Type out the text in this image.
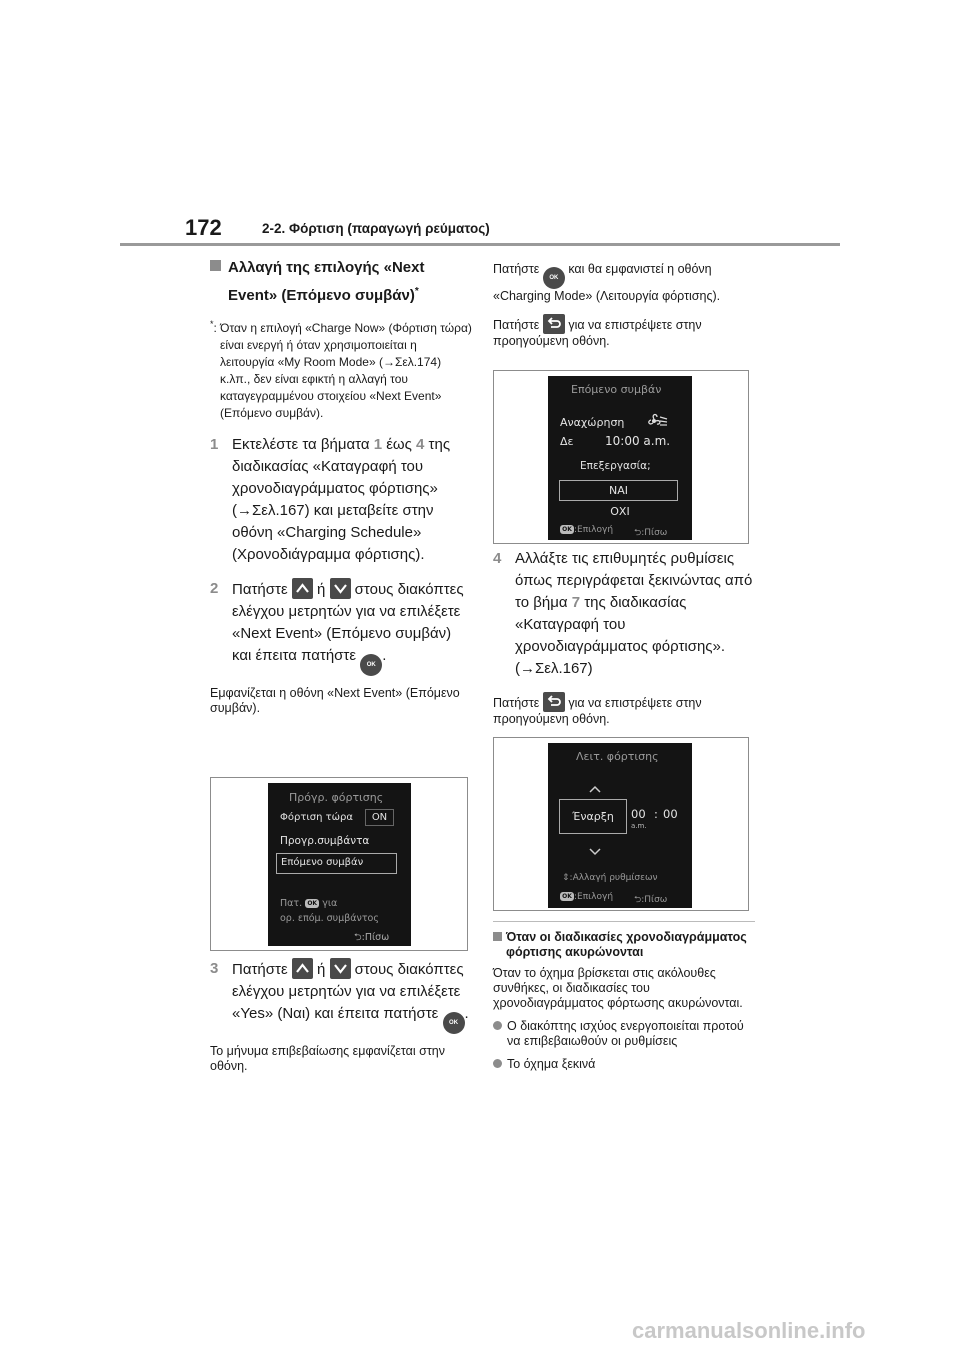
172	2-2. Φόρτιση (παραγωγή ρεύματος)
Αλλαγή της επιλογής «Next
Event» (Επόμενο συμβάν)*
*: Όταν η επιλογή «Charge Now» (Φόρτιση τώρα) είναι ενεργή ή όταν χρησιμοποιείται η λειτουργία «My Room Mode» (→Σελ.174) κ.λπ., δεν είναι εφικτή η αλλαγή του καταγεγραμμένου στοιχείου «Next Event» (Επόμενο συμβάν).
1 Εκτελέστε τα βήματα 1 έως 4 της διαδικασίας «Καταγραφή του χρονοδιαγράμματος φόρτισης» (→Σελ.167) και μεταβείτε στην οθόνη «Charging Schedule» (Χρονοδιάγραμμα φόρτισης).
2 Πατήστε
ή
στους διακόπτες ελέγχου μετρητών για να επιλέξετε «Next Event» (Επόμενο συμβάν) και έπειτα πατήστε OK.
Εμφανίζεται η οθόνη «Next Event» (Επόμενο συμβάν).
Πρόγρ. φόρτισης
Φόρτιση τώρα	ON
Προγρ.συμβάντα
Επόμενο συμβάν
Πατ. OK για
ορ. επόμ. συμβάντος
⮌:Πίσω
3 Πατήστε
ή
στους διακόπτες ελέγχου μετρητών για να επιλέξετε «Yes» (Ναι) και έπειτα πατήστε OK.
Το μήνυμα επιβεβαίωσης εμφανίζεται στην οθόνη.
Πατήστε OK και θα εμφανιστεί η οθόνη «Charging Mode» (Λειτουργία φόρτισης).
Πατήστε
για να επιστρέψετε στην προηγούμενη οθόνη.
Επόμενο συμβάν
Αναχώρηση
Δε	10:00 a.m.
Επεξεργασία;
ΝΑΙ
ΟΧΙ
OK :Επιλογή ⮌:Πίσω
4 Αλλάξτε τις επιθυμητές ρυθμίσεις όπως περιγράφεται ξεκινώντας από το βήμα 7 της διαδικασίας «Καταγραφή του χρονοδιαγράμματος φόρτισης». (→Σελ.167)
Πατήστε
για να επιστρέψετε στην προηγούμενη οθόνη.
Λειτ. φόρτισης
Έναρξη	00 : 00
a.m.
⇕:Αλλαγή ρυθμίσεων
OK :Επιλογή ⮌:Πίσω
Όταν οι διαδικασίες χρονοδιαγράμματος φόρτισης ακυρώνονται
Όταν το όχημα βρίσκεται στις ακόλουθες συνθήκες, οι διαδικασίες του χρονοδιαγράμματος φόρτωσης ακυρώνονται.
Ο διακόπτης ισχύος ενεργοποιείται προτού να επιβεβαιωθούν οι ρυθμίσεις
Το όχημα ξεκινά
carmanualsonline.info
